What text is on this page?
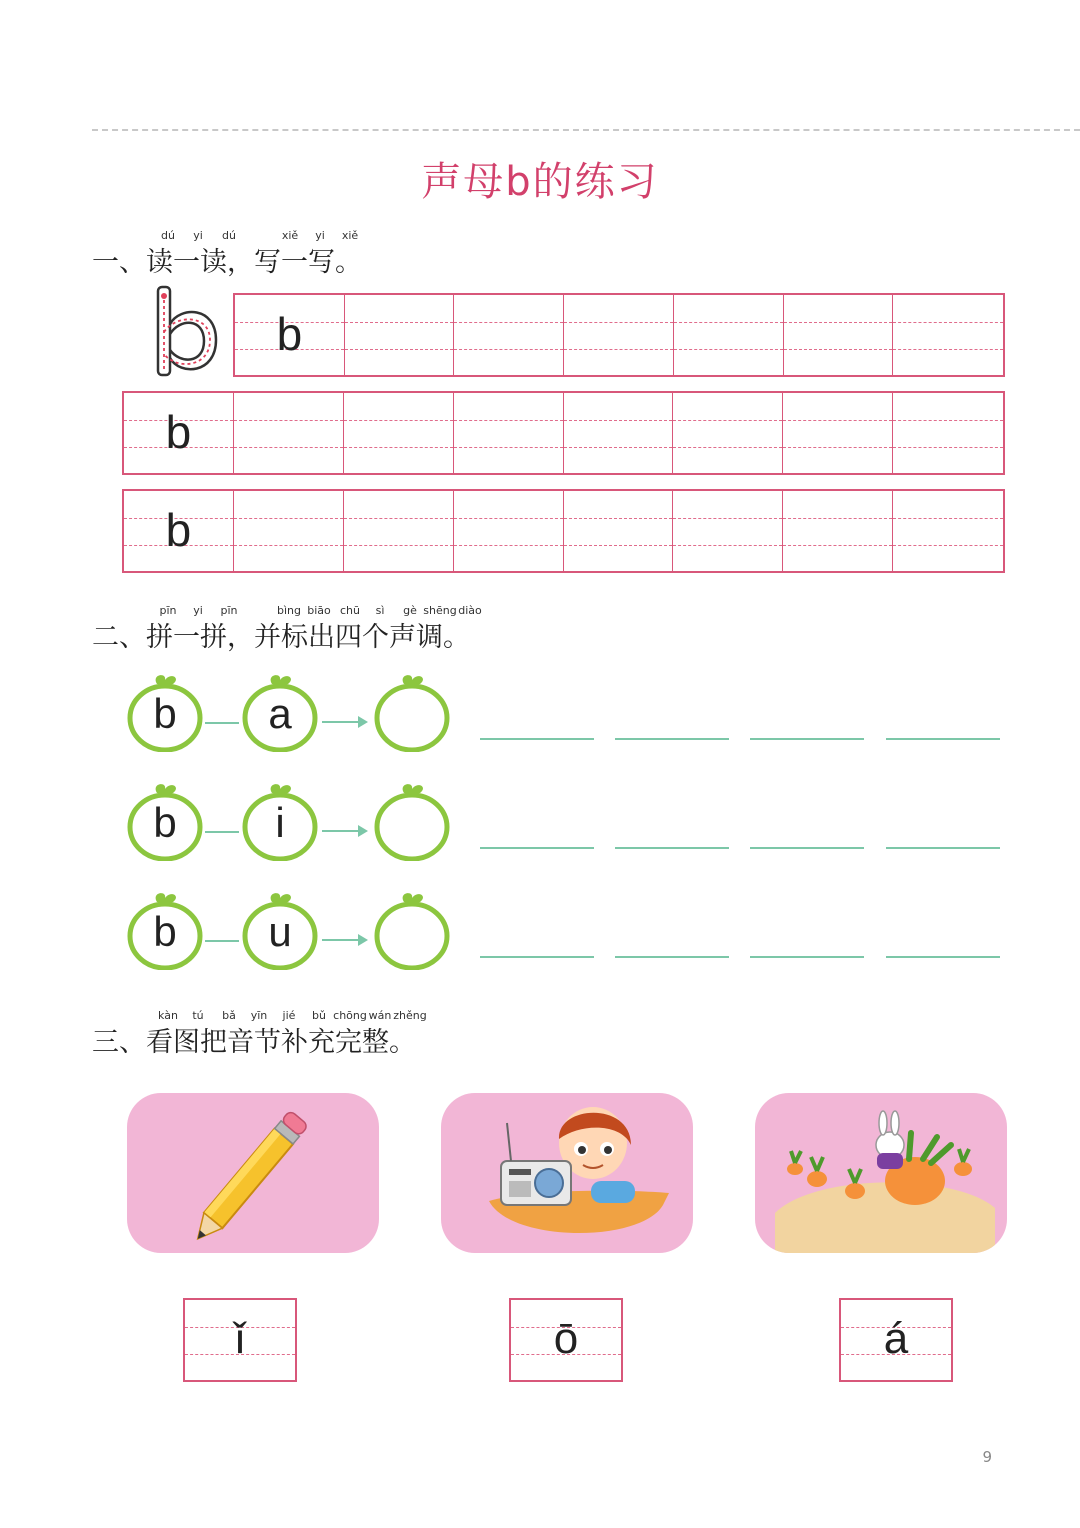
声母b的练习
dú yi dú	xiě yi xiě
一、读一读，写一写。
b
b
b
pīn yi pīn	bìng biāo chū sì gè shēng diào
二、拼一拼，并标出四个声调。
b	a
b	i
b	u
kàn tú bǎ yīn jié bǔ chōng wán zhěng
三、看图把音节补充完整。
ǐ	ō	á
9
